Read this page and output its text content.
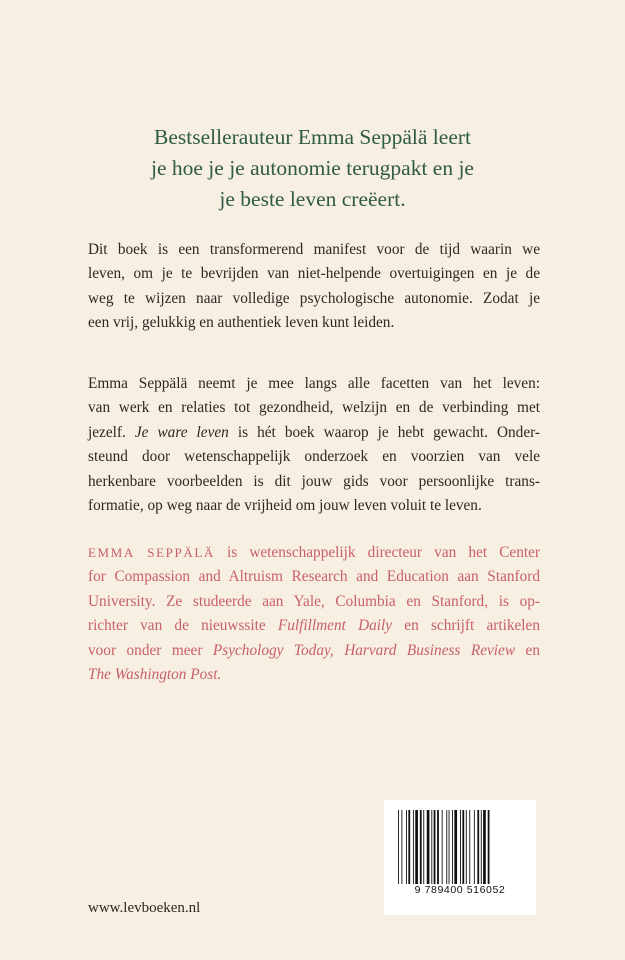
Bestsellerauteur Emma Seppälä leert
je hoe je je autonomie terugpakt en je
je beste leven creëert.
Dit boek is een transformerend manifest voor de tijd waarin we
leven, om je te bevrijden van niet-helpende overtuigingen en je de
weg te wijzen naar volledige psychologische autonomie. Zodat je
een vrij, gelukkig en authentiek leven kunt leiden.
Emma Seppälä neemt je mee langs alle facetten van het leven:
van werk en relaties tot gezondheid, welzijn en de verbinding met
jezelf. Je ware leven is hét boek waarop je hebt gewacht. Onder-
steund door wetenschappelijk onderzoek en voorzien van vele
herkenbare voorbeelden is dit jouw gids voor persoonlijke trans-
formatie, op weg naar de vrijheid om jouw leven voluit te leven.
EMMA SEPPÄLÄ is wetenschappelijk directeur van het Center
for Compassion and Altruism Research and Education aan Stanford
University. Ze studeerde aan Yale, Columbia en Stanford, is op-
richter van de nieuwssite Fulfillment Daily en schrijft artikelen
voor onder meer Psychology Today, Harvard Business Review en
The Washington Post.
www.levboeken.nl
9 789400 516052
